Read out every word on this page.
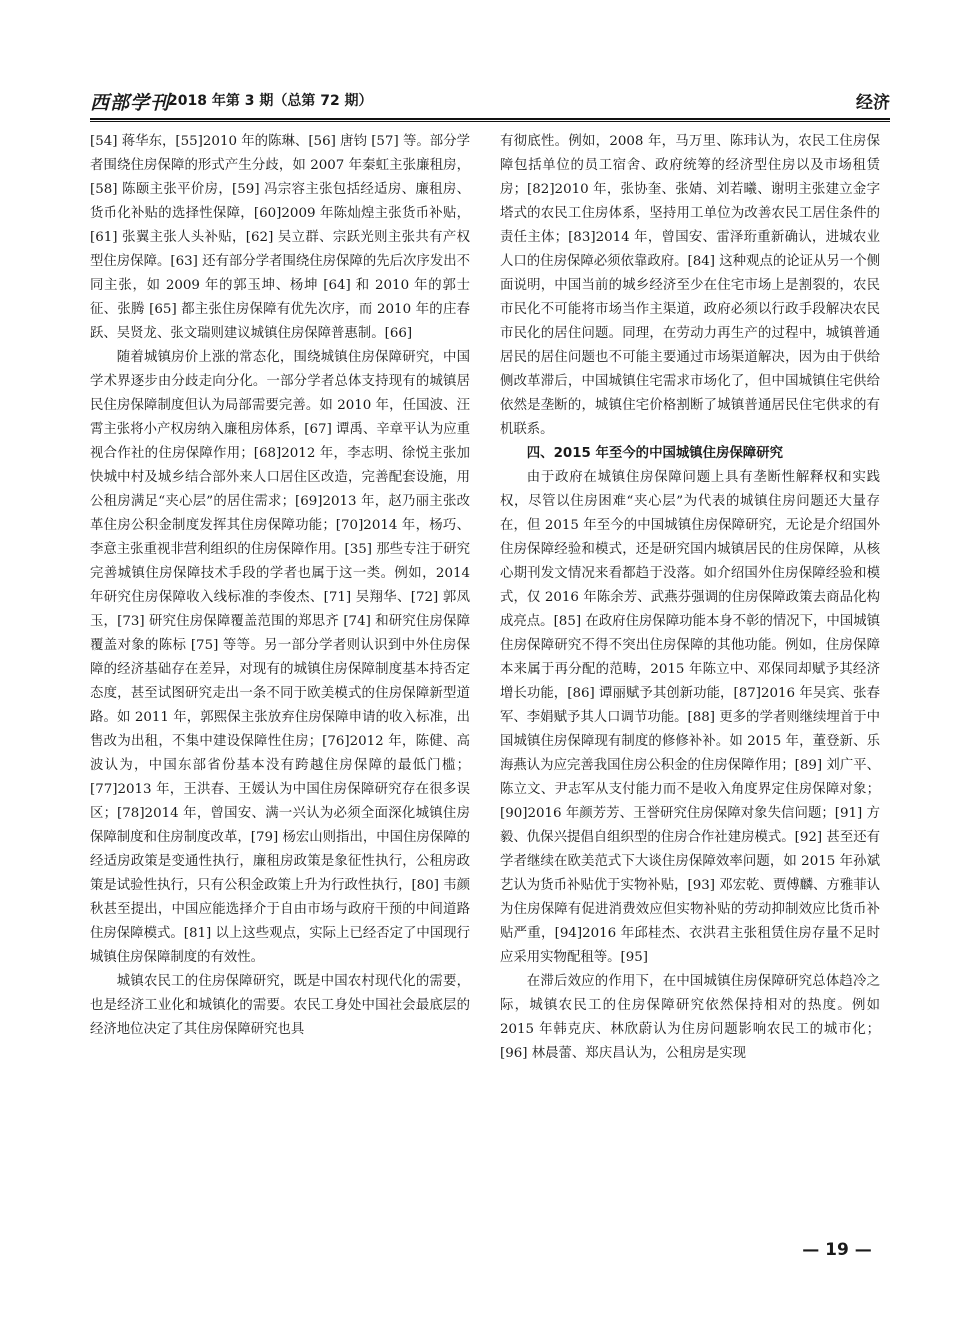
西部学刊
2018 年第 3 期（总第 72 期）	经济

[54] 蒋华东，[55]2010 年的陈琳、[56] 唐钧 [57] 等。部分学者围绕住房保障的形式产生分歧，如 2007 年秦虹主张廉租房，[58] 陈颐主张平价房，[59] 冯宗容主张包括经适房、廉租房、货币化补贴的选择性保障，[60]2009 年陈灿煌主张货币补贴，[61] 张翼主张人头补贴，[62] 吴立群、宗跃光则主张共有产权型住房保障。[63] 还有部分学者围绕住房保障的先后次序发出不同主张，如 2009 年的郭玉坤、杨坤 [64] 和 2010 年的郭士征、张腾 [65] 都主张住房保障有优先次序，而 2010 年的庄春跃、吴贤龙、张文瑞则建议城镇住房保障普惠制。[66]

随着城镇房价上涨的常态化，围绕城镇住房保障研究，中国学术界逐步由分歧走向分化。一部分学者总体支持现有的城镇居民住房保障制度但认为局部需要完善。如 2010 年，任国波、汪霄主张将小产权房纳入廉租房体系，[67] 谭禹、辛章平认为应重视合作社的住房保障作用；[68]2012 年，李志明、徐悦主张加快城中村及城乡结合部外来人口居住区改造，完善配套设施，用公租房满足“夹心层”的居住需求；[69]2013 年，赵乃丽主张改革住房公积金制度发挥其住房保障功能；[70]2014 年，杨巧、李意主张重视非营利组织的住房保障作用。[35] 那些专注于研究完善城镇住房保障技术手段的学者也属于这一类。例如，2014 年研究住房保障收入线标准的李俊杰、[71] 吴翔华、[72] 郭凤玉，[73] 研究住房保障覆盖范围的郑思齐 [74] 和研究住房保障覆盖对象的陈标 [75] 等等。另一部分学者则认识到中外住房保障的经济基础存在差异，对现有的城镇住房保障制度基本持否定态度，甚至试图研究走出一条不同于欧美模式的住房保障新型道路。如 2011 年，郭熙保主张放弃住房保障申请的收入标准，出售改为出租，不集中建设保障性住房；[76]2012 年，陈健、高波认为，中国东部省份基本没有跨越住房保障的最低门槛；[77]2013 年，王洪春、王媛认为中国住房保障研究存在很多误区；[78]2014 年，曾国安、满一兴认为必须全面深化城镇住房保障制度和住房制度改革，[79] 杨宏山则指出，中国住房保障的经适房政策是变通性执行，廉租房政策是象征性执行，公租房政策是试验性执行，只有公积金政策上升为行政性执行，[80] 韦颜秋甚至提出，中国应能选择介于自由市场与政府干预的中间道路住房保障模式。[81] 以上这些观点，实际上已经否定了中国现行城镇住房保障制度的有效性。

城镇农民工的住房保障研究，既是中国农村现代化的需要，也是经济工业化和城镇化的需要。农民工身处中国社会最底层的经济地位决定了其住房保障研究也具

有彻底性。例如，2008 年，马万里、陈玮认为，农民工住房保障包括单位的员工宿舍、政府统筹的经济型住房以及市场租赁房；[82]2010 年，张协奎、张婧、刘若曦、谢明主张建立金字塔式的农民工住房体系，坚持用工单位为改善农民工居住条件的责任主体；[83]2014 年，曾国安、雷泽珩重新确认，进城农业人口的住房保障必须依靠政府。[84] 这种观点的论证从另一个侧面说明，中国当前的城乡经济至少在住宅市场上是割裂的，农民市民化不可能将市场当作主渠道，政府必须以行政手段解决农民市民化的居住问题。同理，在劳动力再生产的过程中，城镇普通居民的居住问题也不可能主要通过市场渠道解决，因为由于供给侧改革滞后，中国城镇住宅需求市场化了，但中国城镇住宅供给依然是垄断的，城镇住宅价格割断了城镇普通居民住宅供求的有机联系。

四、2015 年至今的中国城镇住房保障研究

由于政府在城镇住房保障问题上具有垄断性解释权和实践权，尽管以住房困难“夹心层”为代表的城镇住房问题还大量存在，但 2015 年至今的中国城镇住房保障研究，无论是介绍国外住房保障经验和模式，还是研究国内城镇居民的住房保障，从核心期刊发文情况来看都趋于没落。如介绍国外住房保障经验和模式，仅 2016 年陈余芳、武燕芬强调的住房保障政策去商品化构成亮点。[85] 在政府住房保障功能本身不彰的情况下，中国城镇住房保障研究不得不突出住房保障的其他功能。例如，住房保障本来属于再分配的范畴，2015 年陈立中、邓保同却赋予其经济增长功能，[86] 谭丽赋予其创新功能，[87]2016 年吴宾、张春军、李娟赋予其人口调节功能。[88] 更多的学者则继续埋首于中国城镇住房保障现有制度的修修补补。如 2015 年，董登新、乐海燕认为应完善我国住房公积金的住房保障作用；[89] 刘广平、陈立文、尹志军从支付能力而不是收入角度界定住房保障对象；[90]2016 年颜芳芳、王誉研究住房保障对象失信问题；[91] 方毅、仇保兴提倡自组织型的住房合作社建房模式。[92] 甚至还有学者继续在欧美范式下大谈住房保障效率问题，如 2015 年孙斌艺认为货币补贴优于实物补贴，[93] 邓宏乾、贾傅麟、方雅菲认为住房保障有促进消费效应但实物补贴的劳动抑制效应比货币补贴严重，[94]2016 年邱桂杰、衣洪君主张租赁住房存量不足时应采用实物配租等。[95]

在滞后效应的作用下，在中国城镇住房保障研究总体趋冷之际，城镇农民工的住房保障研究依然保持相对的热度。例如 2015 年韩克庆、林欣蔚认为住房问题影响农民工的城市化；[96] 林晨蕾、郑庆昌认为，公租房是实现

— 19 —
